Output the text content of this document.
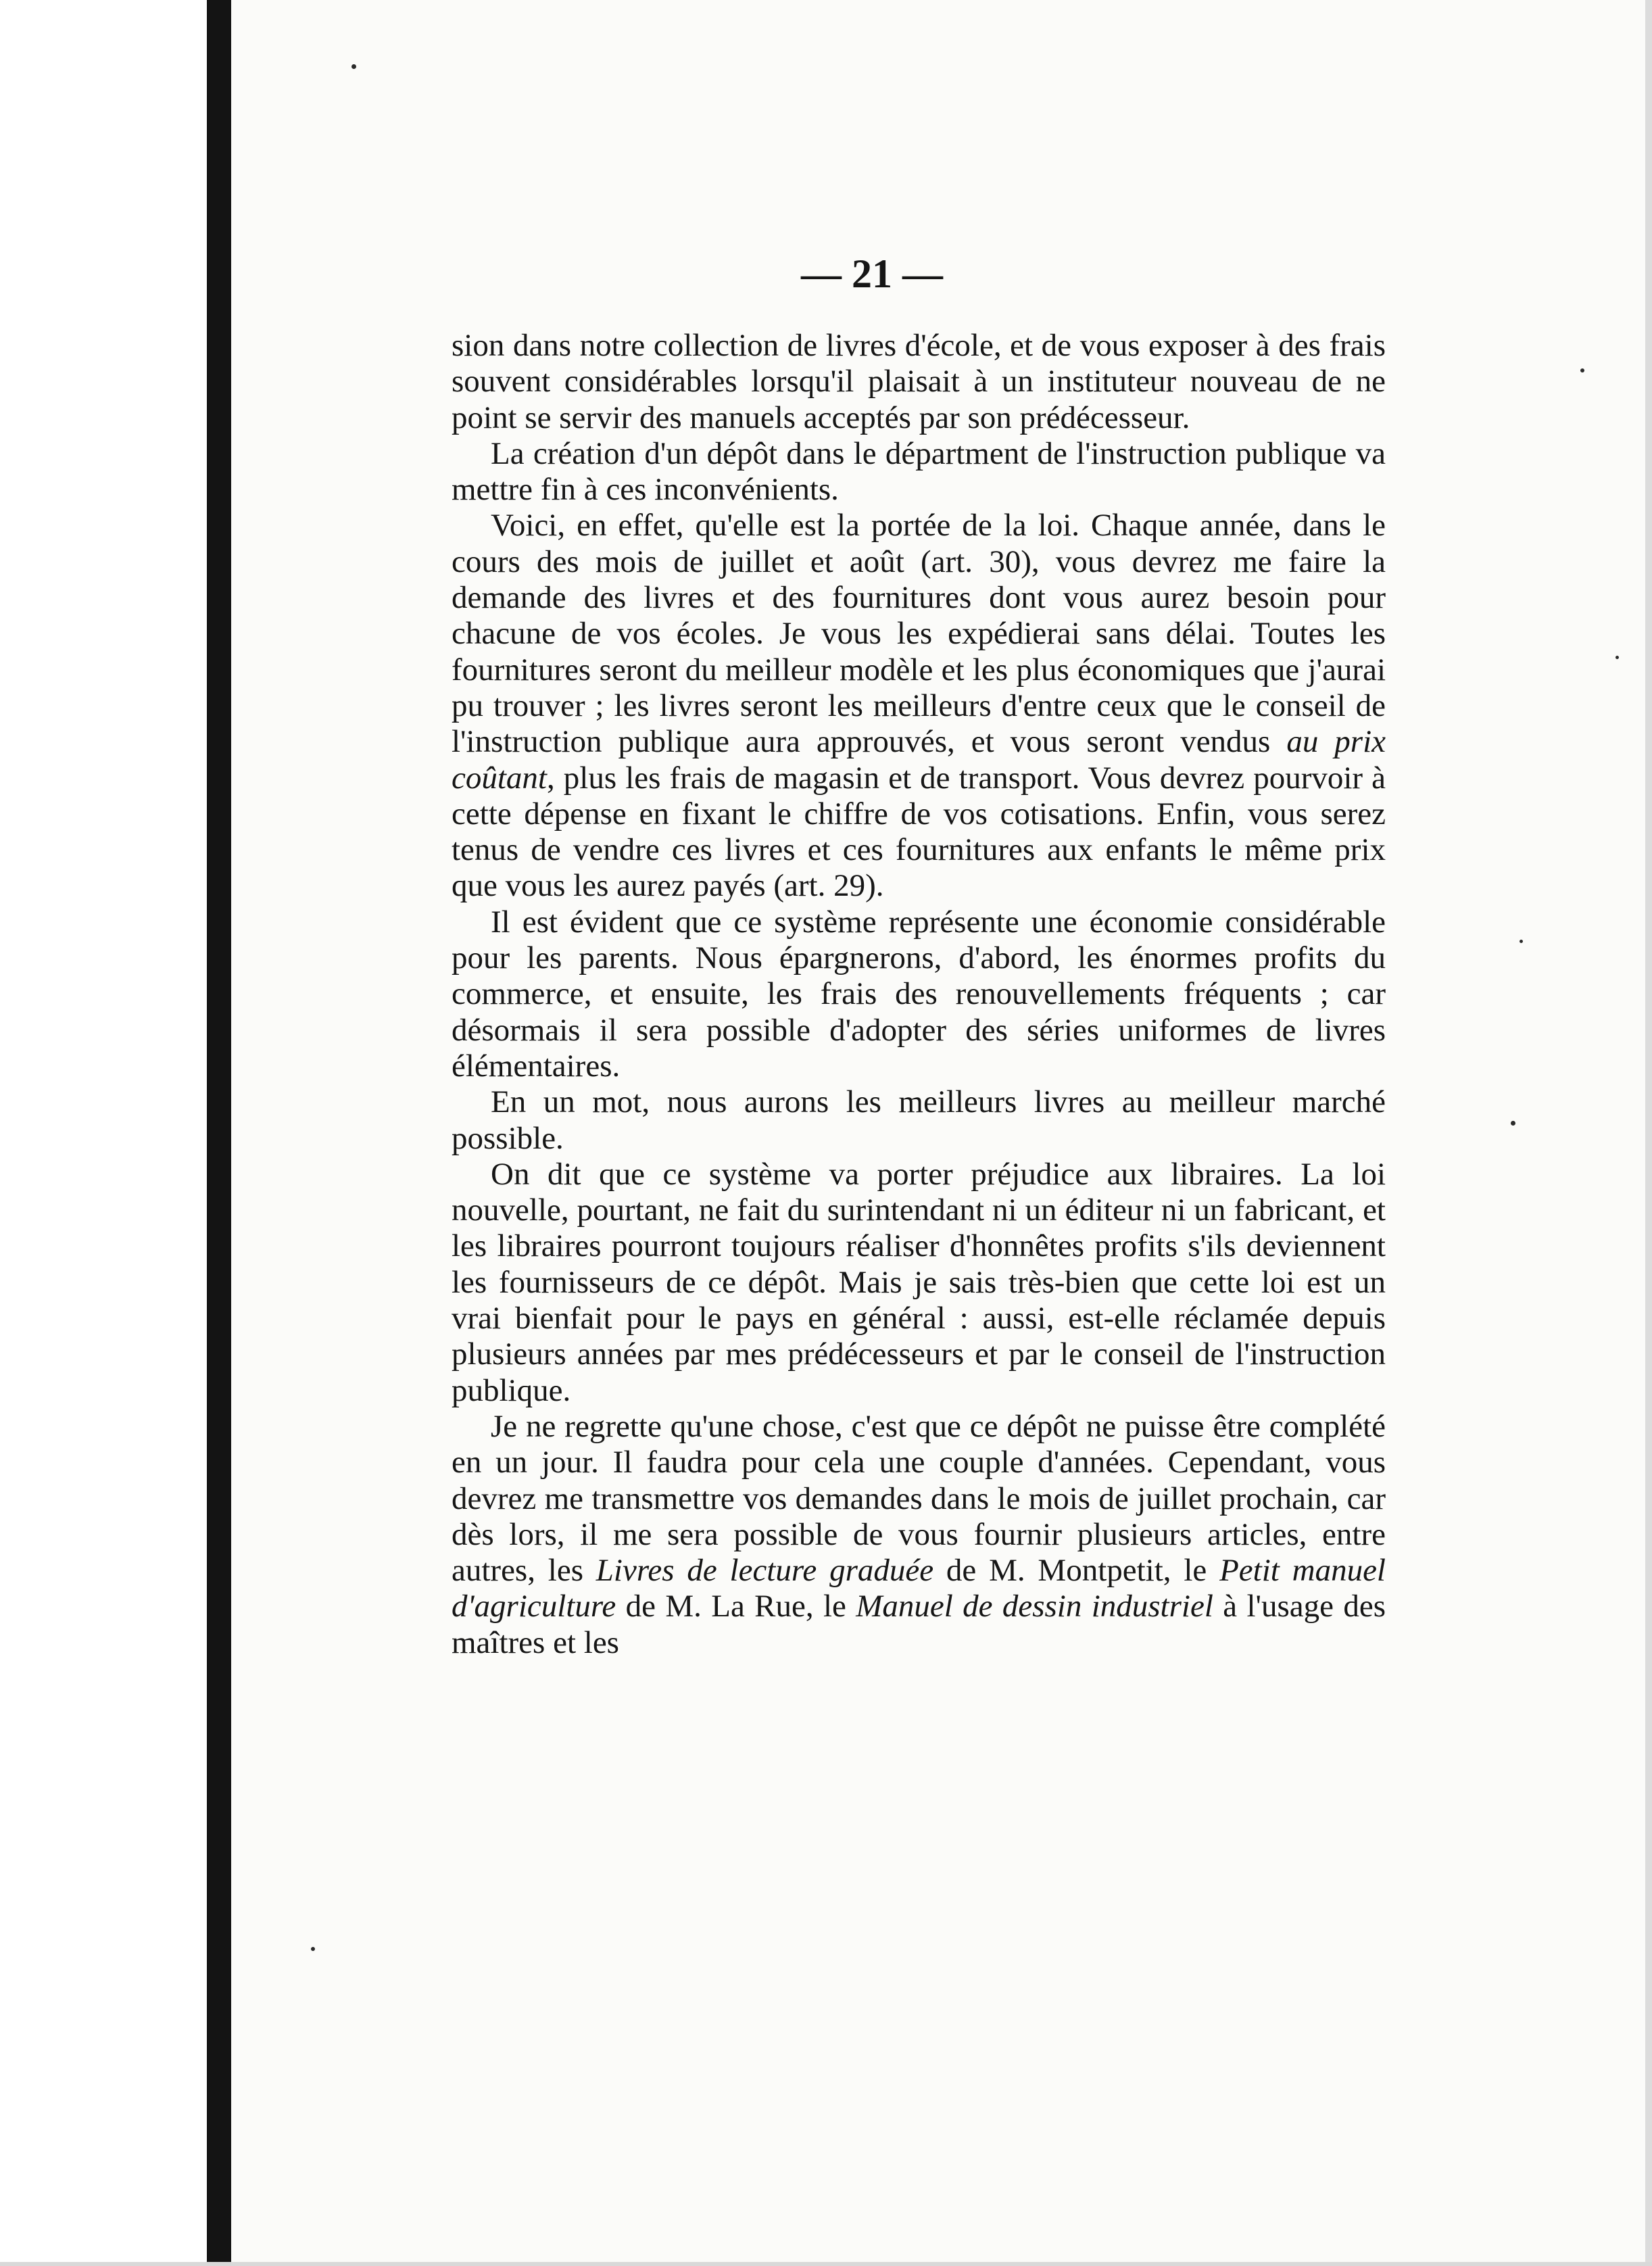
— 21 —

sion dans notre collection de livres d'école, et de vous exposer à des frais souvent considérables lorsqu'il plaisait à un instituteur nouveau de ne point se servir des manuels acceptés par son prédécesseur.

La création d'un dépôt dans le départment de l'instruction publique va mettre fin à ces inconvénients.

Voici, en effet, qu'elle est la portée de la loi. Chaque année, dans le cours des mois de juillet et août (art. 30), vous devrez me faire la demande des livres et des fournitures dont vous aurez besoin pour chacune de vos écoles. Je vous les expédierai sans délai. Toutes les fournitures seront du meilleur modèle et les plus économiques que j'aurai pu trouver ; les livres seront les meilleurs d'entre ceux que le conseil de l'instruction publique aura approuvés, et vous seront vendus au prix coûtant, plus les frais de magasin et de transport. Vous devrez pourvoir à cette dépense en fixant le chiffre de vos cotisations. Enfin, vous serez tenus de vendre ces livres et ces fournitures aux enfants le même prix que vous les aurez payés (art. 29).

Il est évident que ce système représente une économie considérable pour les parents. Nous épargnerons, d'abord, les énormes profits du commerce, et ensuite, les frais des renouvellements fréquents ; car désormais il sera possible d'adopter des séries uniformes de livres élémentaires.

En un mot, nous aurons les meilleurs livres au meilleur marché possible.

On dit que ce système va porter préjudice aux libraires. La loi nouvelle, pourtant, ne fait du surintendant ni un éditeur ni un fabricant, et les libraires pourront toujours réaliser d'honnêtes profits s'ils deviennent les fournisseurs de ce dépôt. Mais je sais très-bien que cette loi est un vrai bienfait pour le pays en général : aussi, est-elle réclamée depuis plusieurs années par mes prédécesseurs et par le conseil de l'instruction publique.

Je ne regrette qu'une chose, c'est que ce dépôt ne puisse être complété en un jour. Il faudra pour cela une couple d'années. Cependant, vous devrez me transmettre vos demandes dans le mois de juillet prochain, car dès lors, il me sera possible de vous fournir plusieurs articles, entre autres, les Livres de lecture graduée de M. Montpetit, le Petit manuel d'agriculture de M. La Rue, le Manuel de dessin industriel à l'usage des maîtres et les
